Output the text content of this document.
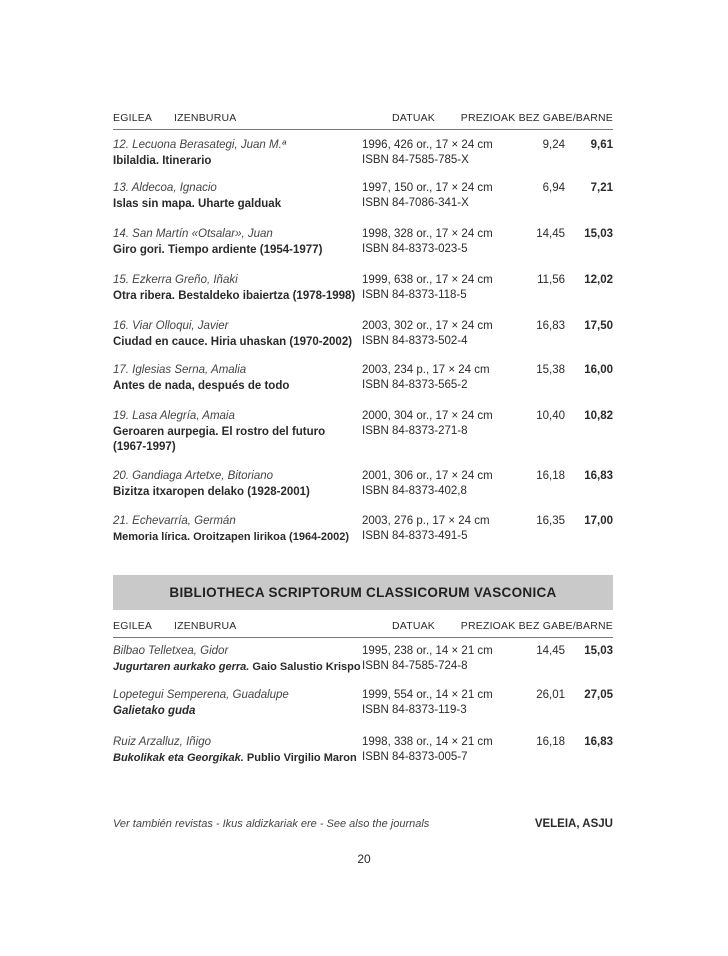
EGILEA IZENBURUA	DATUAK PREZIOAK BEZ GABE/BARNE
12. Lecuona Berasategi, Juan M.ª
Ibilaldia. Itinerario
1996, 426 or., 17 × 24 cm
ISBN 84-7585-785-X
9,24 9,61
13. Aldecoa, Ignacio
Islas sin mapa. Uharte galduak
1997, 150 or., 17 × 24 cm
ISBN 84-7086-341-X
6,94 7,21
14. San Martín «Otsalar», Juan
Giro gori. Tiempo ardiente (1954-1977)
1998, 328 or., 17 × 24 cm
ISBN 84-8373-023-5
14,45 15,03
15. Ezkerra Greño, Iñaki
Otra ribera. Bestaldeko ibaiertza (1978-1998)
1999, 638 or., 17 × 24 cm
ISBN 84-8373-118-5
11,56 12,02
16. Viar Olloqui, Javier
Ciudad en cauce. Hiria uhaskan (1970-2002)
2003, 302 or., 17 × 24 cm
ISBN 84-8373-502-4
16,83 17,50
17. Iglesias Serna, Amalia
Antes de nada, después de todo
2003, 234 p., 17 × 24 cm
ISBN 84-8373-565-2
15,38 16,00
19. Lasa Alegría, Amaia
Geroaren aurpegia. El rostro del futuro (1967-1997)
2000, 304 or., 17 × 24 cm
ISBN 84-8373-271-8
10,40 10,82
20. Gandiaga Artetxe, Bitoriano
Bizitza itxaropen delako (1928-2001)
2001, 306 or., 17 × 24 cm
ISBN 84-8373-402,8
16,18 16,83
21. Echevarría, Germán
Memoria lírica. Oroitzapen lirikoa (1964-2002)
2003, 276 p., 17 × 24 cm
ISBN 84-8373-491-5
16,35 17,00
BIBLIOTHECA SCRIPTORUM CLASSICORUM VASCONICA
EGILEA IZENBURUA	DATUAK PREZIOAK BEZ GABE/BARNE
Bilbao Telletxea, Gidor
Jugurtaren aurkako gerra. Gaio Salustio Krispo
1995, 238 or., 14 × 21 cm
ISBN 84-7585-724-8
14,45 15,03
Lopetegui Semperena, Guadalupe
Galietako guda
1999, 554 or., 14 × 21 cm
ISBN 84-8373-119-3
26,01 27,05
Ruiz Arzalluz, Iñigo
Bukolikak eta Georgikak. Publio Virgilio Maron
1998, 338 or., 14 × 21 cm
ISBN 84-8373-005-7
16,18 16,83
Ver también revistas - Ikus aldizkariak ere - See also the journals	VELEIA, ASJU
20
